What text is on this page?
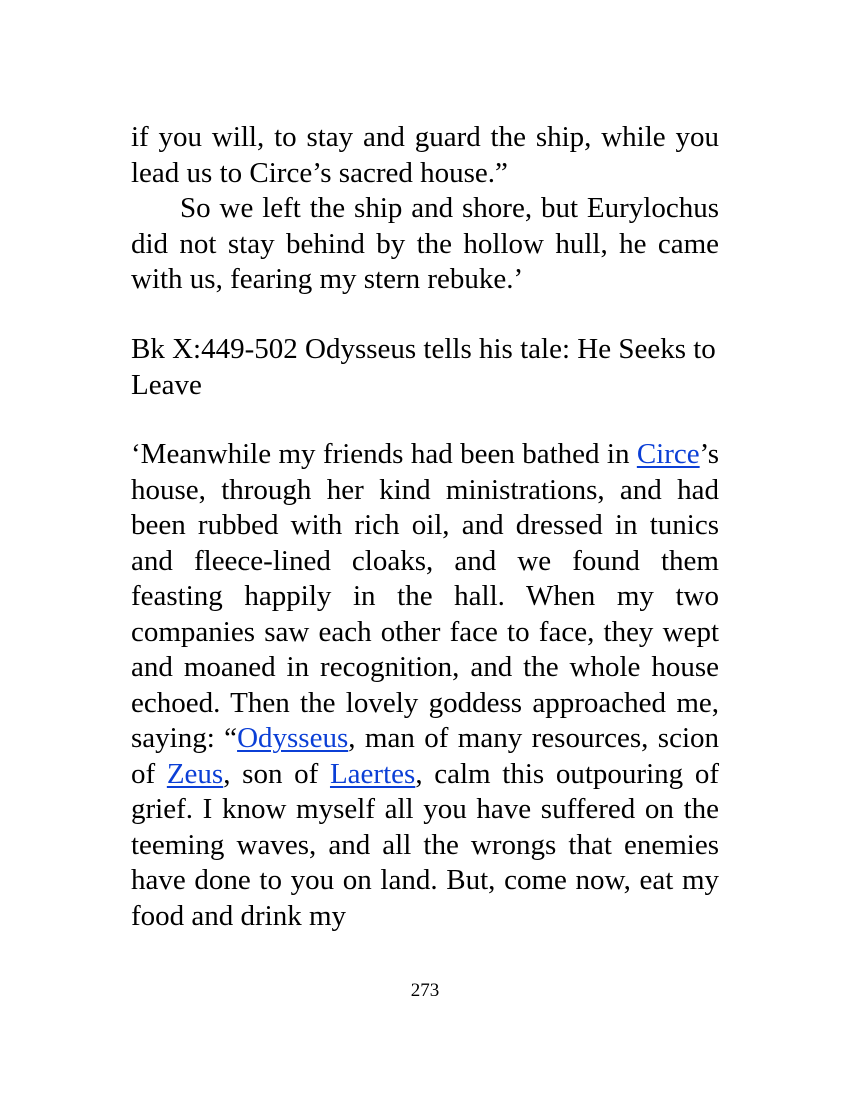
if you will, to stay and guard the ship, while you lead us to Circe’s sacred house.”

So we left the ship and shore, but Eurylochus did not stay behind by the hollow hull, he came with us, fearing my stern rebuke.’

Bk X:449-502 Odysseus tells his tale: He Seeks to Leave

‘Meanwhile my friends had been bathed in Circe’s house, through her kind ministrations, and had been rubbed with rich oil, and dressed in tunics and fleece-lined cloaks, and we found them feasting happily in the hall. When my two companies saw each other face to face, they wept and moaned in recognition, and the whole house echoed. Then the lovely goddess approached me, saying: “Odysseus, man of many resources, scion of Zeus, son of Laertes, calm this outpouring of grief. I know myself all you have suffered on the teeming waves, and all the wrongs that enemies have done to you on land. But, come now, eat my food and drink my

273
